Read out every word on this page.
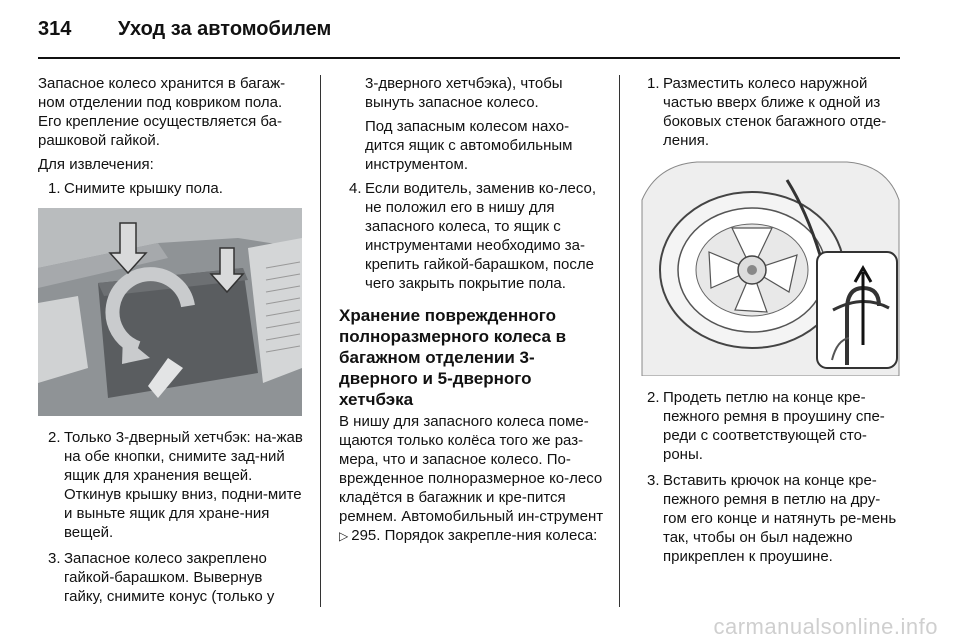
314 Уход за автомобилем

Запасное колесо хранится в багаж-ном отделении под ковриком пола. Его крепление осуществляется ба-рашковой гайкой.

Для извлечения:

1. Снимите крышку пола.
2. Только 3-дверный хетчбэк: на-жав на обе кнопки, снимите зад-ний ящик для хранения вещей. Откинув крышку вниз, подни-мите и выньте ящик для хране-ния вещей.
3. Запасное колесо закреплено гайкой-барашком. Вывернув гайку, снимите конус (только у

3-дверного хетчбэка), чтобы вынуть запасное колесо.

Под запасным колесом нахо-дится ящик с автомобильным инструментом.

4. Если водитель, заменив ко-лесо, не положил его в нишу для запасного колеса, то ящик с инструментами необходимо за-крепить гайкой-барашком, после чего закрыть покрытие пола.
Хранение поврежденного полноразмерного колеса в багажном отделении 3-дверного и 5-дверного хетчбэка

В нишу для запасного колеса поме-щаются только колёса того же раз-мера, что и запасное колесо. По-врежденное полноразмерное ко-лесо кладётся в багажник и кре-пится ремнем. Автомобильный ин-струмент ▷  295. Порядок закрепле-ния колеса:

1. Разместить колесо наружной частью вверх ближе к одной из боковых стенок багажного отде-ления.
2. Продеть петлю на конце кре-пежного ремня в проушину спе-реди с соответствующей сто-роны.
3. Вставить крючок на конце кре-пежного ремня в петлю на дру-гом его конце и натянуть ре-мень так, чтобы он был надежно прикреплен к проушине.
carmanualsonline.info
